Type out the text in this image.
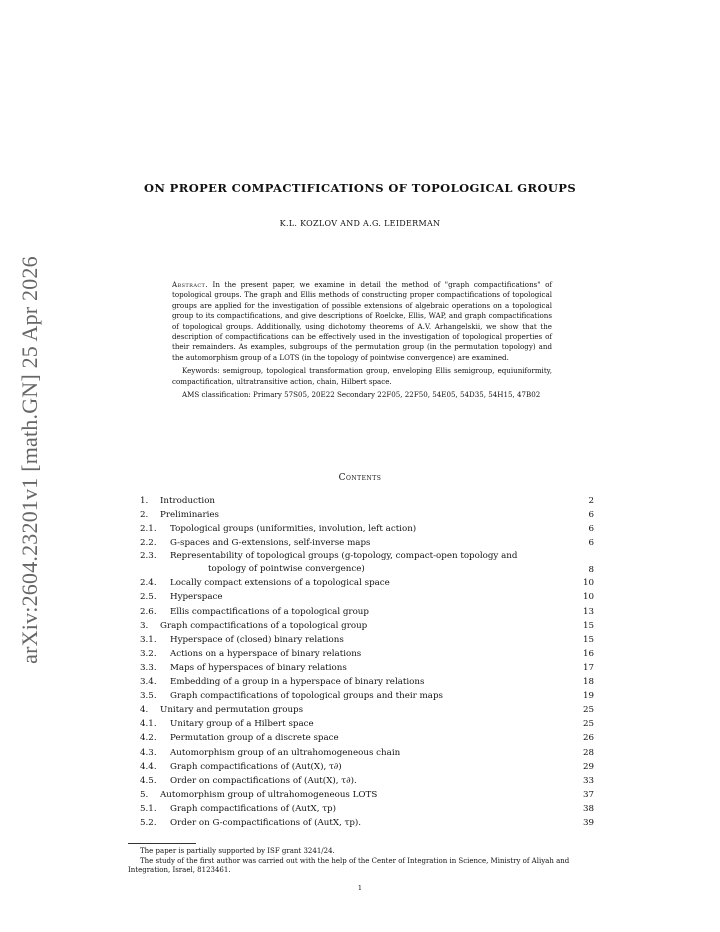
arXiv:2604.23201v1 [math.GN] 25 Apr 2026
ON PROPER COMPACTIFICATIONS OF TOPOLOGICAL GROUPS
K.L. KOZLOV AND A.G. LEIDERMAN

Abstract. In the present paper, we examine in detail the method of "graph compactifications" of topological groups. The graph and Ellis methods of constructing proper compactifications of topological groups are applied for the investigation of possible extensions of algebraic operations on a topological group to its compactifications, and give descriptions of Roelcke, Ellis, WAP, and graph compactifications of topological groups. Additionally, using dichotomy theorems of A.V. Arhangelskii, we show that the description of compactifications can be effectively used in the investigation of topological properties of their remainders. As examples, subgroups of the permutation group (in the permutation topology) and the automorphism group of a LOTS (in the topology of pointwise convergence) are examined.

Keywords: semigroup, topological transformation group, enveloping Ellis semigroup, equiuniformity, compactification, ultratransitive action, chain, Hilbert space.

AMS classification: Primary 57S05, 20E22 Secondary 22F05, 22F50, 54E05, 54D35, 54H15, 47B02

Contents
1.	Introduction	2
2.	Preliminaries	6
2.1.	Topological groups (uniformities, involution, left action)	6
2.2.	G-spaces and G-extensions, self-inverse maps	6
2.3.	Representability of topological groups (g-topology, compact-open topology and
topology of pointwise convergence)	8
2.4.	Locally compact extensions of a topological space	10
2.5.	Hyperspace	10
2.6.	Ellis compactifications of a topological group	13
3.	Graph compactifications of a topological group	15
3.1.	Hyperspace of (closed) binary relations	15
3.2.	Actions on a hyperspace of binary relations	16
3.3.	Maps of hyperspaces of binary relations	17
3.4.	Embedding of a group in a hyperspace of binary relations	18
3.5.	Graph compactifications of topological groups and their maps	19
4.	Unitary and permutation groups	25
4.1.	Unitary group of a Hilbert space	25
4.2.	Permutation group of a discrete space	26
4.3.	Automorphism group of an ultrahomogeneous chain	28
4.4.	Graph compactifications of (Aut(X), τ∂)	29
4.5.	Order on compactifications of (Aut(X), τ∂).	33
5.	Automorphism group of ultrahomogeneous LOTS	37
5.1.	Graph compactifications of (AutX, τp)	38
5.2.	Order on G-compactifications of (AutX, τp).	39

The paper is partially supported by ISF grant 3241/24.

The study of the first author was carried out with the help of the Center of Integration in Science, Ministry of Aliyah and Integration, Israel, 8123461.

1
